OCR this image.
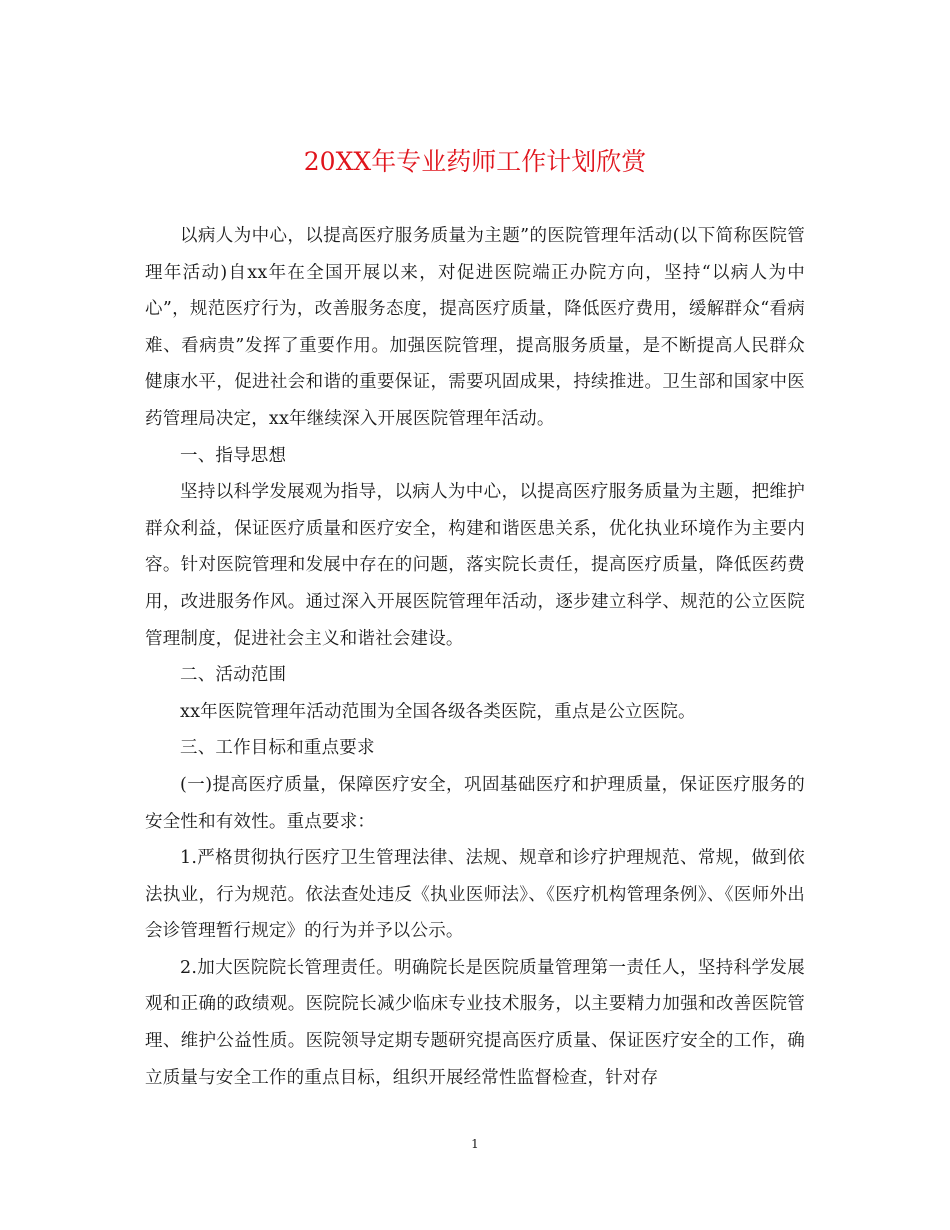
20XX年专业药师工作计划欣赏

以病人为中心，以提高医疗服务质量为主题”的医院管理年活动(以下简称医院管理年活动)自xx年在全国开展以来，对促进医院端正办院方向，坚持“以病人为中心”，规范医疗行为，改善服务态度，提高医疗质量，降低医疗费用，缓解群众“看病难、看病贵”发挥了重要作用。加强医院管理，提高服务质量，是不断提高人民群众健康水平，促进社会和谐的重要保证，需要巩固成果，持续推进。卫生部和国家中医药管理局决定，xx年继续深入开展医院管理年活动。

一、指导思想

坚持以科学发展观为指导，以病人为中心，以提高医疗服务质量为主题，把维护群众利益，保证医疗质量和医疗安全，构建和谐医患关系，优化执业环境作为主要内容。针对医院管理和发展中存在的问题，落实院长责任，提高医疗质量，降低医药费用，改进服务作风。通过深入开展医院管理年活动，逐步建立科学、规范的公立医院管理制度，促进社会主义和谐社会建设。

二、活动范围

xx年医院管理年活动范围为全国各级各类医院，重点是公立医院。

三、工作目标和重点要求

(一)提高医疗质量，保障医疗安全，巩固基础医疗和护理质量，保证医疗服务的安全性和有效性。重点要求：

1.严格贯彻执行医疗卫生管理法律、法规、规章和诊疗护理规范、常规，做到依法执业，行为规范。依法查处违反《执业医师法》、《医疗机构管理条例》、《医师外出会诊管理暂行规定》的行为并予以公示。

2.加大医院院长管理责任。明确院长是医院质量管理第一责任人，坚持科学发展观和正确的政绩观。医院院长减少临床专业技术服务，以主要精力加强和改善医院管理、维护公益性质。医院领导定期专题研究提高医疗质量、保证医疗安全的工作，确立质量与安全工作的重点目标，组织开展经常性监督检查，针对存

1
